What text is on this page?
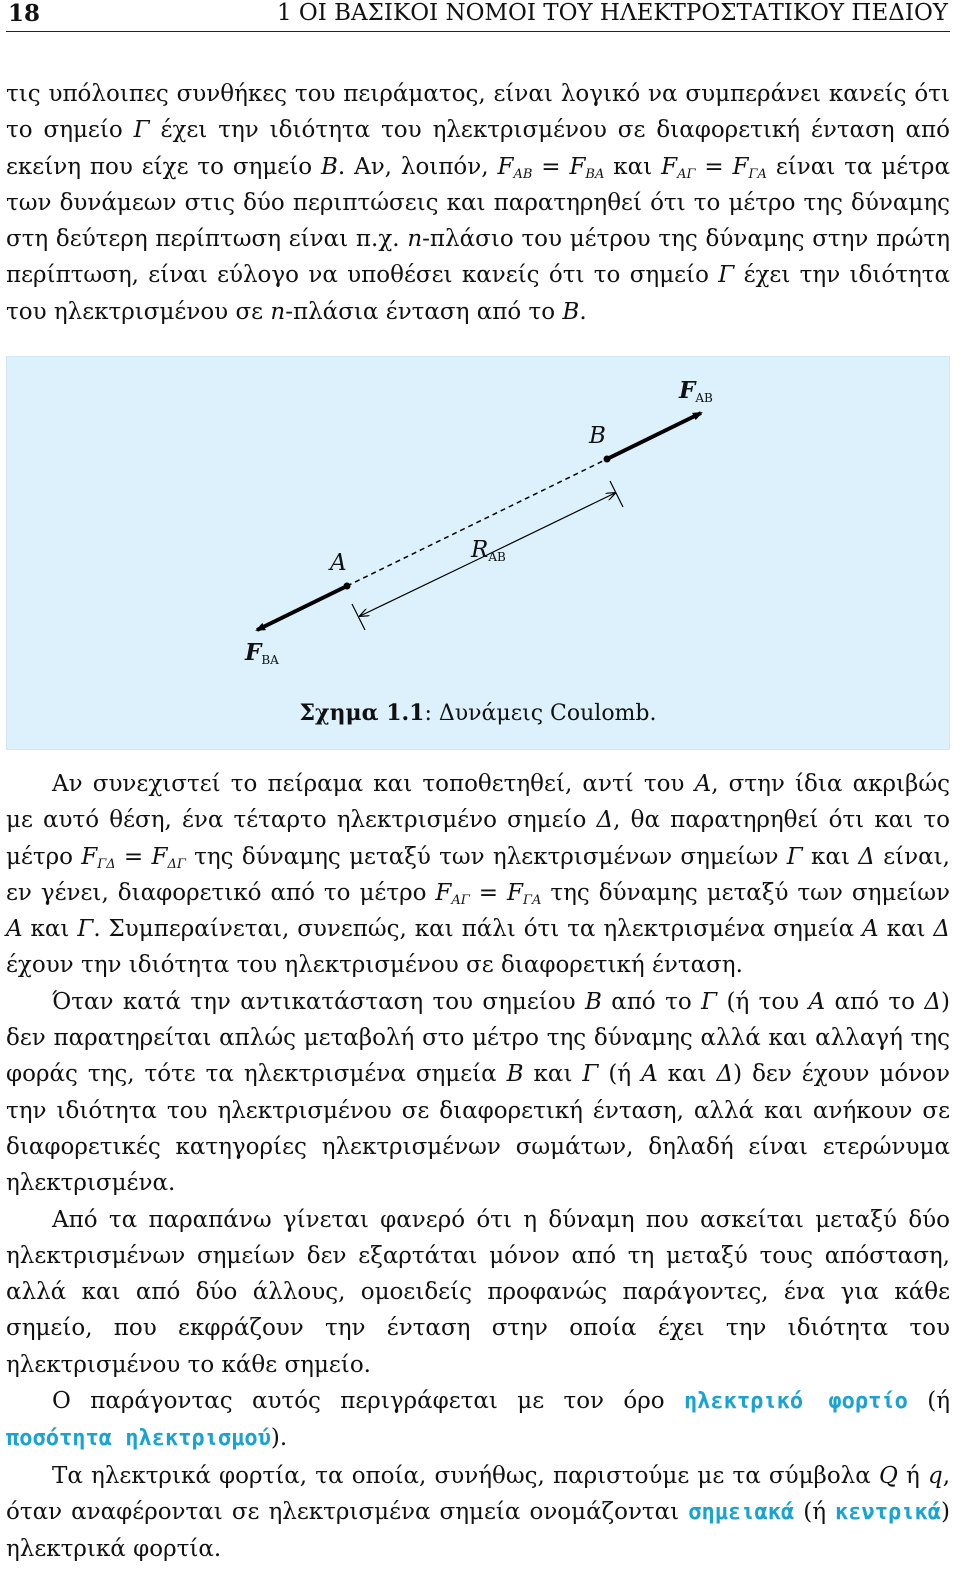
18	1 ΟΙ ΒΑΣΙΚΟΙ ΝΟΜΟΙ ΤΟΥ ΗΛΕΚΤΡΟΣΤΑΤΙΚΟΥ ΠΕΔΙΟΥ

τις υπόλοιπες συνθήκες του πειράματος, είναι λογικό να συμπεράνει κανείς ότι το σημείο Γ έχει την ιδιότητα του ηλεκτρισμένου σε διαφορετική ένταση από εκείνη που είχε το σημείο B. Αν, λοιπόν, $F_{AB} = F_{BA}$ και $F_{A\Gamma} = F_{\Gamma A}$ είναι τα μέτρα των δυνάμεων στις δύο περιπτώσεις και παρατηρηθεί ότι το μέτρο της δύναμης στη δεύτερη περίπτωση είναι π.χ. n-πλάσιο του μέτρου της δύναμης στην πρώτη περίπτωση, είναι εύλογο να υποθέσει κανείς ότι το σημείο Γ έχει την ιδιότητα του ηλεκτρισμένου σε n-πλάσια ένταση από το B.

$F_{AB}$
B
$R_{AB}$
A
$F_{BA}$
Σχημα 1.1: Δυνάμεις Coulomb.

Αν συνεχιστεί το πείραμα και τοποθετηθεί, αντί του A, στην ίδια ακριβώς με αυτό θέση, ένα τέταρτο ηλεκτρισμένο σημείο Δ, θα παρατηρηθεί ότι και το μέτρο $F_{\Gamma\Delta} = F_{\Delta\Gamma}$ της δύναμης μεταξύ των ηλεκτρισμένων σημείων Γ και Δ είναι, εν γένει, διαφορετικό από το μέτρο $F_{A\Gamma} = F_{\Gamma A}$ της δύναμης μεταξύ των σημείων A και Γ. Συμπεραίνεται, συνεπώς, και πάλι ότι τα ηλεκτρισμένα σημεία A και Δ έχουν την ιδιότητα του ηλεκτρισμένου σε διαφορετική ένταση.

Όταν κατά την αντικατάσταση του σημείου B από το Γ (ή του A από το Δ) δεν παρατηρείται απλώς μεταβολή στο μέτρο της δύναμης αλλά και αλλαγή της φοράς της, τότε τα ηλεκτρισμένα σημεία B και Γ (ή A και Δ) δεν έχουν μόνον την ιδιότητα του ηλεκτρισμένου σε διαφορετική ένταση, αλλά και ανήκουν σε διαφορετικές κατηγορίες ηλεκτρισμένων σωμάτων, δηλαδή είναι ετερώνυμα ηλεκτρισμένα.

Από τα παραπάνω γίνεται φανερό ότι η δύναμη που ασκείται μεταξύ δύο ηλεκτρισμένων σημείων δεν εξαρτάται μόνον από τη μεταξύ τους απόσταση, αλλά και από δύο άλλους, ομοειδείς προφανώς παράγοντες, ένα για κάθε σημείο, που εκφράζουν την ένταση στην οποία έχει την ιδιότητα του ηλεκτρισμένου το κάθε σημείο.

Ο παράγοντας αυτός περιγράφεται με τον όρο ηλεκτρικό φορτίο (ή ποσότητα ηλεκτρισμού).

Τα ηλεκτρικά φορτία, τα οποία, συνήθως, παριστούμε με τα σύμβολα Q ή q, όταν αναφέρονται σε ηλεκτρισμένα σημεία ονομάζονται σημειακά (ή κεντρικά) ηλεκτρικά φορτία.
